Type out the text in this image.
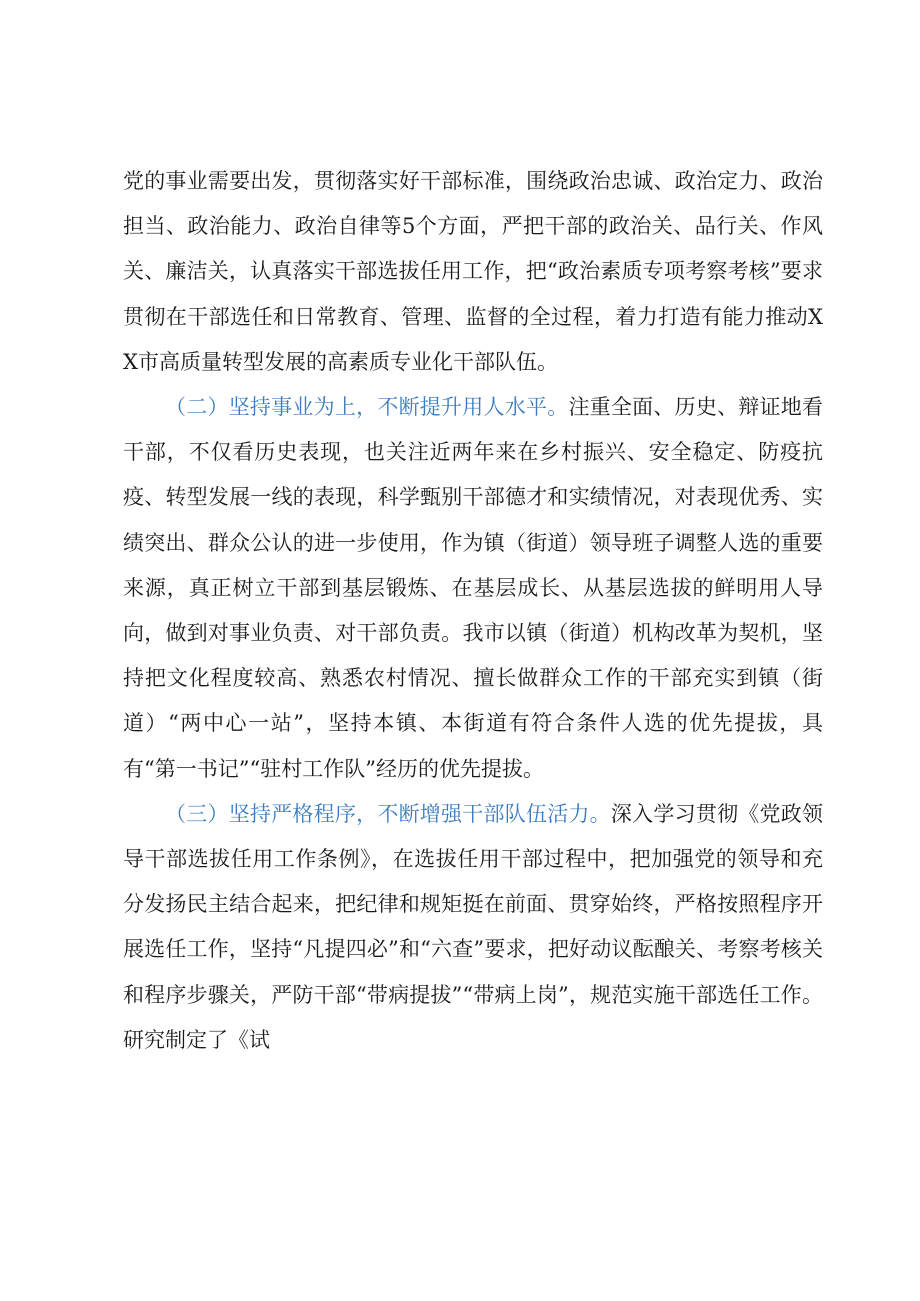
党的事业需要出发，贯彻落实好干部标准，围绕政治忠诚、政治定力、政治担当、政治能力、政治自律等5个方面，严把干部的政治关、品行关、作风关、廉洁关，认真落实干部选拔任用工作，把“政治素质专项考察考核”要求贯彻在干部选任和日常教育、管理、监督的全过程，着力打造有能力推动XX市高质量转型发展的高素质专业化干部队伍。

（二）坚持事业为上，不断提升用人水平。注重全面、历史、辩证地看干部，不仅看历史表现，也关注近两年来在乡村振兴、安全稳定、防疫抗疫、转型发展一线的表现，科学甄别干部德才和实绩情况，对表现优秀、实绩突出、群众公认的进一步使用，作为镇（街道）领导班子调整人选的重要来源，真正树立干部到基层锻炼、在基层成长、从基层选拔的鲜明用人导向，做到对事业负责、对干部负责。我市以镇（街道）机构改革为契机，坚持把文化程度较高、熟悉农村情况、擅长做群众工作的干部充实到镇（街道）“两中心一站”，坚持本镇、本街道有符合条件人选的优先提拔，具有“第一书记”“驻村工作队”经历的优先提拔。

（三）坚持严格程序，不断增强干部队伍活力。深入学习贯彻《党政领导干部选拔任用工作条例》，在选拔任用干部过程中，把加强党的领导和充分发扬民主结合起来，把纪律和规矩挺在前面、贯穿始终，严格按照程序开展选任工作，坚持“凡提四必”和“六查”要求，把好动议酝酿关、考察考核关和程序步骤关，严防干部“带病提拔”“带病上岗”，规范实施干部选任工作。研究制定了《试
